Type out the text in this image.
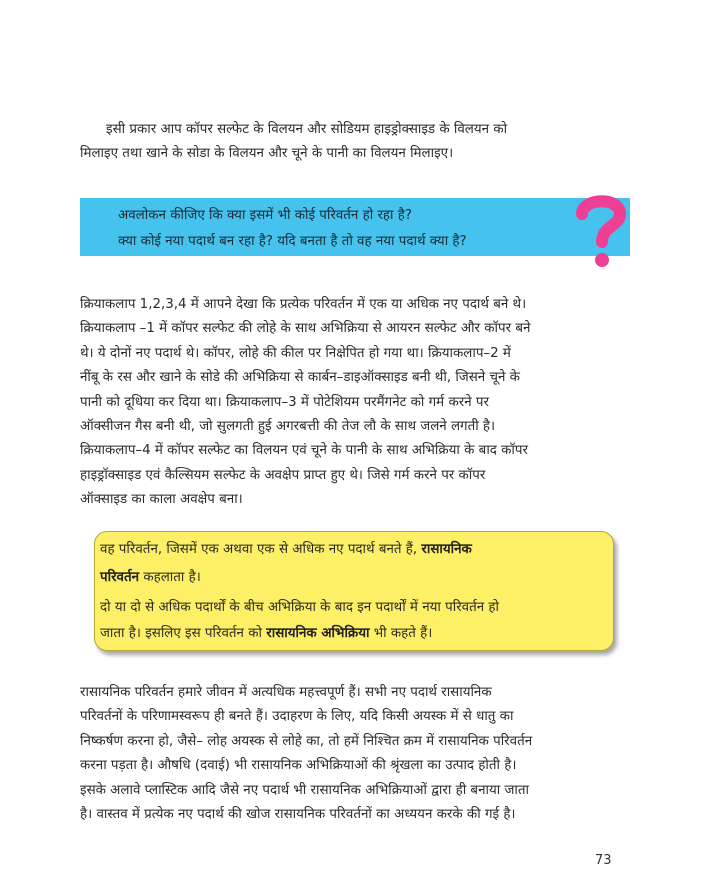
इसी प्रकार आप कॉपर सल्फेट के विलयन और सोडियम हाइड्रोक्साइड के विलयन को
मिलाइए तथा खाने के सोडा के विलयन और चूने के पानी का विलयन मिलाइए।
अवलोकन कीजिए कि क्या इसमें भी कोई परिवर्तन हो रहा है?
क्या कोई नया पदार्थ बन रहा है? यदि बनता है तो वह नया पदार्थ क्या है?
क्रियाकलाप 1,2,3,4 में आपने देखा कि प्रत्येक परिवर्तन में एक या अधिक नए पदार्थ बने थे।
क्रियाकलाप –1 में कॉपर सल्फेट की लोहे के साथ अभिक्रिया से आयरन सल्फेट और कॉपर बने
थे। ये दोनों नए पदार्थ थे। कॉपर, लोहे की कील पर निक्षेपित हो गया था। क्रियाकलाप–2 में
नींबू के रस और खाने के सोडे की अभिक्रिया से कार्बन–डाइऑक्साइड बनी थी, जिसने चूने के
पानी को दूधिया कर दिया था। क्रियाकलाप–3 में पोटेशियम परमैंगनेट को गर्म करने पर
ऑक्सीजन गैस बनी थी, जो सुलगती हुई अगरबत्ती की तेज लौ के साथ जलने लगती है।
क्रियाकलाप–4 में कॉपर सल्फेट का विलयन एवं चूने के पानी के साथ अभिक्रिया के बाद कॉपर
हाइड्रॉक्साइड एवं कैल्सियम सल्फेट के अवक्षेप प्राप्त हुए थे। जिसे गर्म करने पर कॉपर
ऑक्साइड का काला अवक्षेप बना।
वह परिवर्तन, जिसमें एक अथवा एक से अधिक नए पदार्थ बनते हैं, रासायनिक
परिवर्तन कहलाता है।
दो या दो से अधिक पदार्थों के बीच अभिक्रिया के बाद इन पदार्थों में नया परिवर्तन हो
जाता है। इसलिए इस परिवर्तन को रासायनिक अभिक्रिया भी कहते हैं।
रासायनिक परिवर्तन हमारे जीवन में अत्यधिक महत्त्वपूर्ण हैं। सभी नए पदार्थ रासायनिक
परिवर्तनों के परिणामस्वरूप ही बनते हैं। उदाहरण के लिए, यदि किसी अयस्क में से धातु का
निष्कर्षण करना हो, जैसे– लोह अयस्क से लोहे का, तो हमें निश्चित क्रम में रासायनिक परिवर्तन
करना पड़ता है। औषधि (दवाई) भी रासायनिक अभिक्रियाओं की श्रृंखला का उत्पाद होती है।
इसके अलावे प्लास्टिक आदि जैसे नए पदार्थ भी रासायनिक अभिक्रियाओं द्वारा ही बनाया जाता
है। वास्तव में प्रत्येक नए पदार्थ की खोज रासायनिक परिवर्तनों का अध्ययन करके की गई है।
73
